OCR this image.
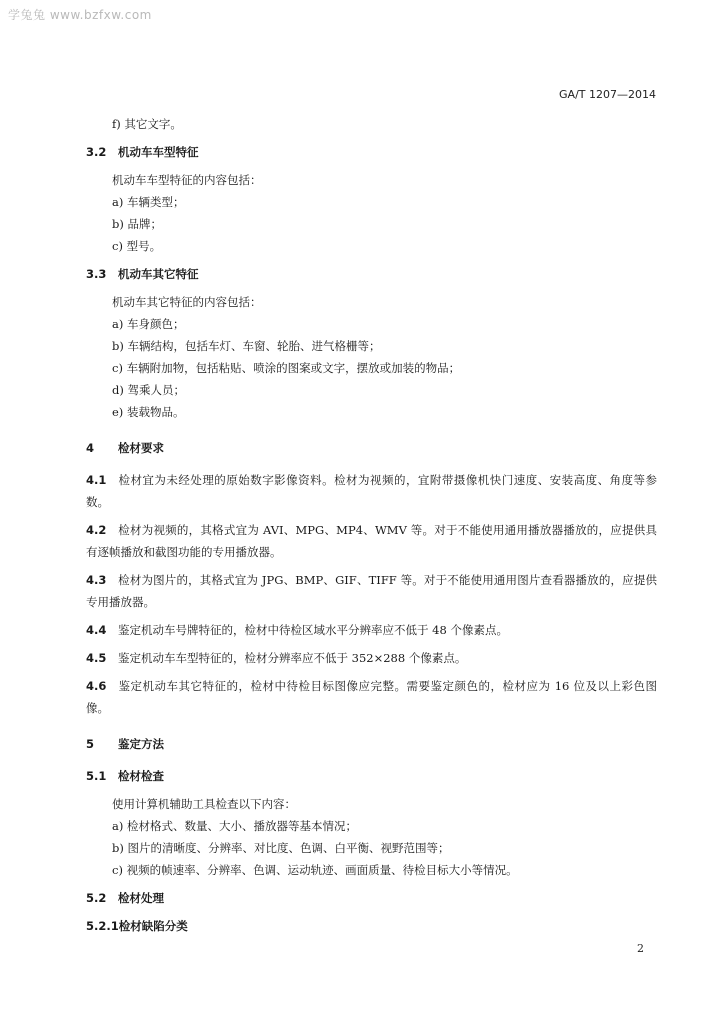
学兔兔 www.bzfxw.com
GA/T 1207—2014
f) 其它文字。
3.2 机动车车型特征
机动车车型特征的内容包括：
a) 车辆类型；
b) 品牌；
c) 型号。
3.3 机动车其它特征
机动车其它特征的内容包括：
a) 车身颜色；
b) 车辆结构，包括车灯、车窗、轮胎、进气格栅等；
c) 车辆附加物，包括粘贴、喷涂的图案或文字，摆放或加装的物品；
d) 驾乘人员；
e) 装载物品。
4 检材要求
4.1 检材宜为未经处理的原始数字影像资料。检材为视频的，宜附带摄像机快门速度、安装高度、角度等参数。
4.2 检材为视频的，其格式宜为 AVI、MPG、MP4、WMV 等。对于不能使用通用播放器播放的，应提供具有逐帧播放和截图功能的专用播放器。
4.3 检材为图片的，其格式宜为 JPG、BMP、GIF、TIFF 等。对于不能使用通用图片查看器播放的，应提供专用播放器。
4.4 鉴定机动车号牌特征的，检材中待检区域水平分辨率应不低于 48 个像素点。
4.5 鉴定机动车车型特征的，检材分辨率应不低于 352×288 个像素点。
4.6 鉴定机动车其它特征的，检材中待检目标图像应完整。需要鉴定颜色的，检材应为 16 位及以上彩色图像。
5 鉴定方法
5.1 检材检查
使用计算机辅助工具检查以下内容：
a) 检材格式、数量、大小、播放器等基本情况；
b) 图片的清晰度、分辨率、对比度、色调、白平衡、视野范围等；
c) 视频的帧速率、分辨率、色调、运动轨迹、画面质量、待检目标大小等情况。
5.2 检材处理
5.2.1检材缺陷分类
2
